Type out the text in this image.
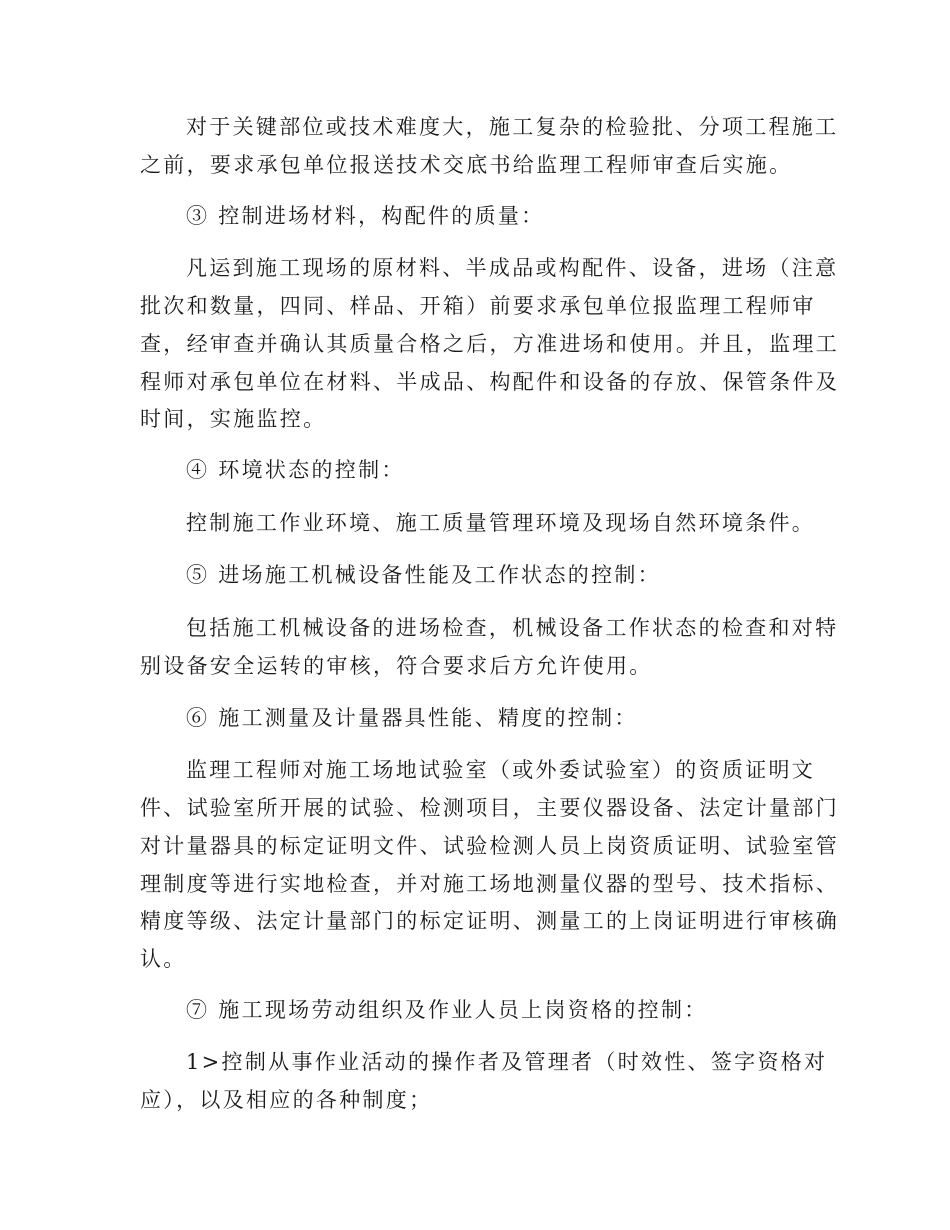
对于关键部位或技术难度大，施工复杂的检验批、分项工程施工
之前，要求承包单位报送技术交底书给监理工程师审查后实施。
③ 控制进场材料，构配件的质量：
凡运到施工现场的原材料、半成品或构配件、设备，进场（注意
批次和数量，四同、样品、开箱）前要求承包单位报监理工程师审
查，经审查并确认其质量合格之后，方准进场和使用。并且，监理工
程师对承包单位在材料、半成品、构配件和设备的存放、保管条件及
时间，实施监控。
④ 环境状态的控制：
控制施工作业环境、施工质量管理环境及现场自然环境条件。
⑤ 进场施工机械设备性能及工作状态的控制：
包括施工机械设备的进场检查，机械设备工作状态的检查和对特
别设备安全运转的审核，符合要求后方允许使用。
⑥ 施工测量及计量器具性能、精度的控制：
监理工程师对施工场地试验室（或外委试验室）的资质证明文
件、试验室所开展的试验、检测项目，主要仪器设备、法定计量部门
对计量器具的标定证明文件、试验检测人员上岗资质证明、试验室管
理制度等进行实地检查，并对施工场地测量仪器的型号、技术指标、
精度等级、法定计量部门的标定证明、测量工的上岗证明进行审核确
认。
⑦ 施工现场劳动组织及作业人员上岗资格的控制：
1>控制从事作业活动的操作者及管理者（时效性、签字资格对
应），以及相应的各种制度；
